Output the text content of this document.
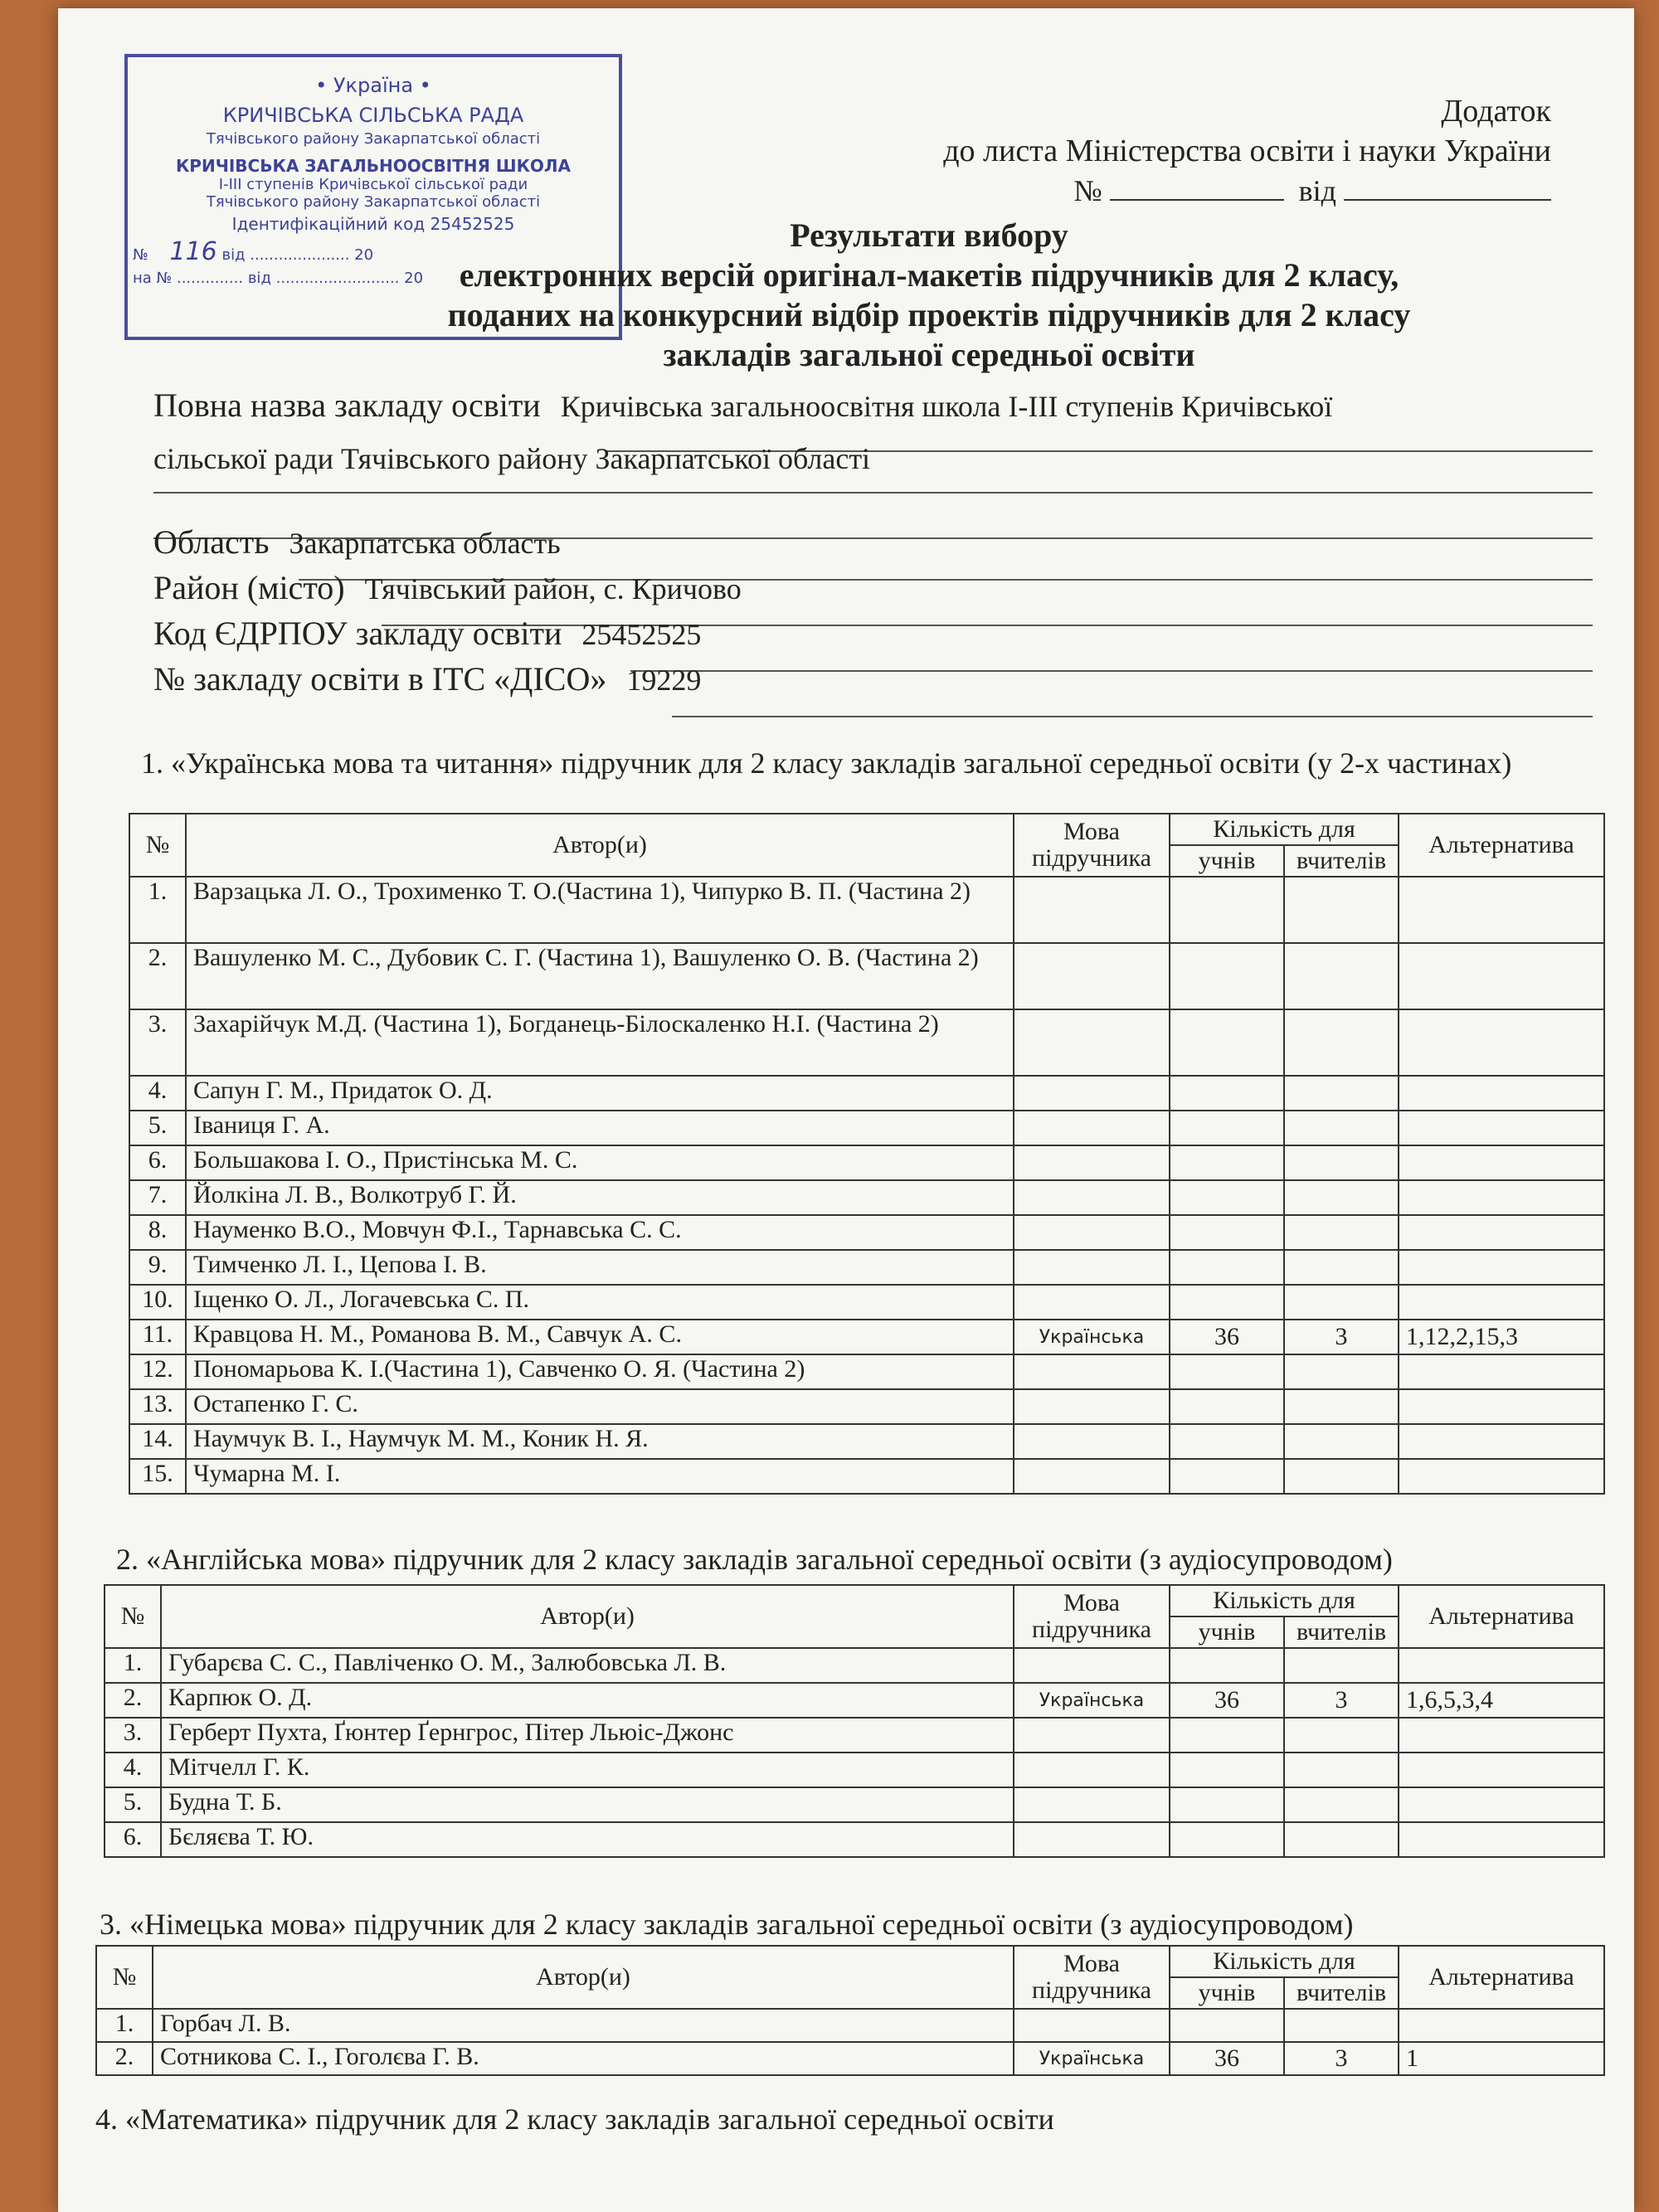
• Україна •
КРИЧІВСЬКА СІЛЬСЬКА РАДА
Тячівського району Закарпатської області
КРИЧІВСЬКА ЗАГАЛЬНООСВІТНЯ ШКОЛА
І-ІІІ ступенів Кричівської сільської ради
Тячівського району Закарпатської області
Ідентифікаційний код 25452525
№ 116 від ..................... 20
на № .............. від .......................... 20
Додаток
до листа Міністерства освіти і науки України
№	від
Результати вибору
електронних версій оригінал-макетів підручників для 2 класу,
поданих на конкурсний відбір проектів підручників для 2 класу
закладів загальної середньої освіти
Повна назва закладу освіти Кричівська загальноосвітня школа І-ІІІ ступенів Кричівської
сільської ради Тячівського району Закарпатської області
Область Закарпатська область
Район (місто) Тячівський район, с. Кричово
Код ЄДРПОУ закладу освіти 25452525
№ закладу освіти в ІТС «ДІСО» 19229
1. «Українська мова та читання» підручник для 2 класу закладів загальної середньої освіти (у 2-х частинах)
№	Автор(и)	Мова
підручника	Кількість для		Альтернатива
			учнів	вчителів	
1.	Варзацька Л. О., Трохименко Т. О.(Частина 1), Чипурко В. П. (Частина 2)				
2.	Вашуленко М. С., Дубовик С. Г. (Частина 1), Вашуленко О. В. (Частина 2)				
3.	Захарійчук М.Д. (Частина 1), Богданець-Білоскаленко Н.І. (Частина 2)				
4.	Сапун Г. М., Придаток О. Д.				
5.	Іваниця Г. А.				
6.	Большакова І. О., Пристінська М. С.				
7.	Йолкіна Л. В., Волкотруб Г. Й.				
8.	Науменко В.О., Мовчун Ф.І., Тарнавська С. С.				
9.	Тимченко Л. І., Цепова І. В.				
10.	Іщенко О. Л., Логачевська С. П.				
11.	Кравцова Н. М., Романова В. М., Савчук А. С.	Українська	36	3	1,12,2,15,3
12.	Пономарьова К. І.(Частина 1), Савченко О. Я. (Частина 2)				
13.	Остапенко Г. С.				
14.	Наумчук В. І., Наумчук М. М., Коник Н. Я.				
15.	Чумарна М. І.				
2. «Англійська мова» підручник для 2 класу закладів загальної середньої освіти (з аудіосупроводом)
№	Автор(и)	Мова
підручника	Кількість для		Альтернатива
			учнів	вчителів	
1.	Губарєва С. С., Павліченко О. М., Залюбовська Л. В.				
2.	Карпюк О. Д.	Українська	36	3	1,6,5,3,4
3.	Герберт Пухта, Ґюнтер Ґернгрос, Пітер Льюіс-Джонс				
4.	Мітчелл Г. К.				
5.	Будна Т. Б.				
6.	Бєляєва Т. Ю.				
3. «Німецька мова» підручник для 2 класу закладів загальної середньої освіти (з аудіосупроводом)
№	Автор(и)	Мова
підручника	Кількість для		Альтернатива
			учнів	вчителів	
1.	Горбач Л. В.				
2.	Сотникова С. І., Гоголєва Г. В.	Українська	36	3	1
4. «Математика» підручник для 2 класу закладів загальної середньої освіти
